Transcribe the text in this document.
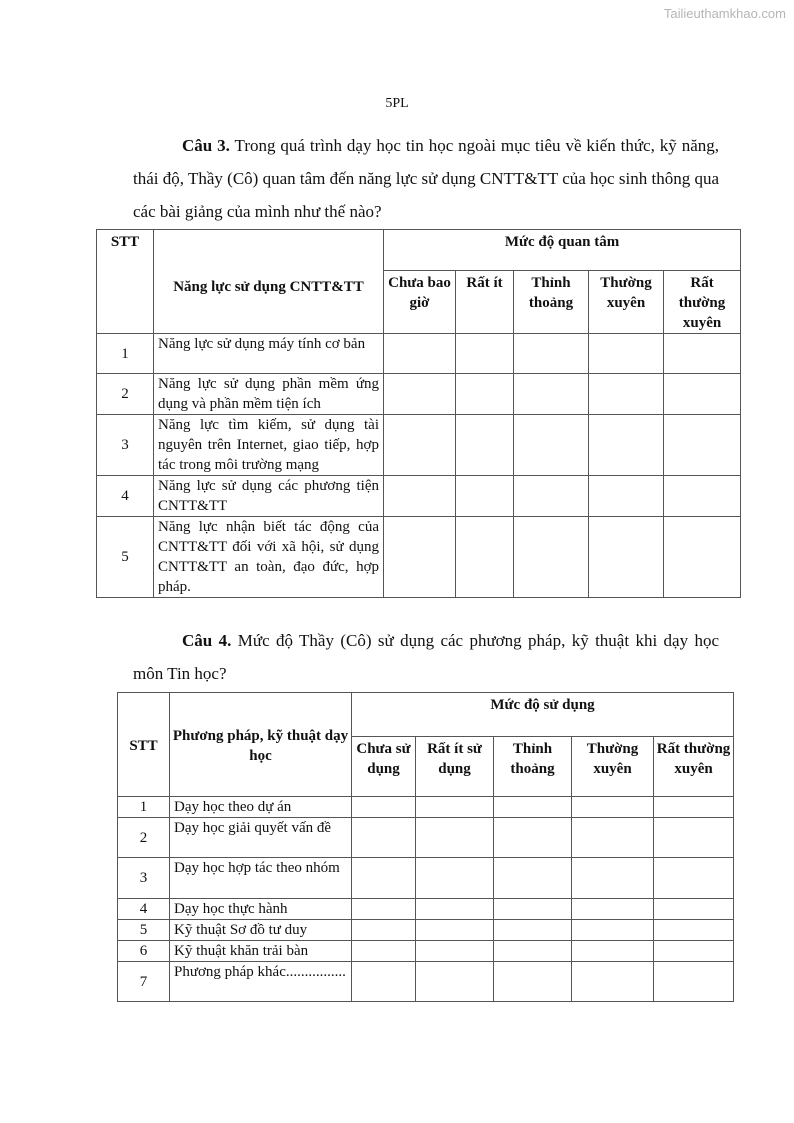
Tailieuthamkhao.com
5PL
Câu 3. Trong quá trình dạy học tin học ngoài mục tiêu về kiến thức, kỹ năng, thái độ, Thầy (Cô) quan tâm đến năng lực sử dụng CNTT&TT của học sinh thông qua các bài giảng của mình như thế nào?
STT	Năng lực sử dụng CNTT&TT	Mức độ quan tâm				
		Chưa bao giờ	Rất ít	Thỉnh thoảng	Thường xuyên	Rất thường xuyên
1	Năng lực sử dụng máy tính cơ bản					
2	Năng lực sử dụng phần mềm ứng dụng và phần mềm tiện ích					
3	Năng lực tìm kiếm, sử dụng tài nguyên trên Internet, giao tiếp, hợp tác trong môi trường mạng					
4	Năng lực sử dụng các phương tiện CNTT&TT					
5	Năng lực nhận biết tác động của CNTT&TT đối với xã hội, sử dụng CNTT&TT an toàn, đạo đức, hợp pháp.					
Câu 4. Mức độ Thầy (Cô) sử dụng các phương pháp, kỹ thuật khi dạy học môn Tin học?
STT	Phương pháp, kỹ thuật dạy học	Mức độ sử dụng				
		Chưa sử dụng	Rất ít sử dụng	Thỉnh thoảng	Thường xuyên	Rất thường xuyên
1	Dạy học theo dự án					
2	Dạy học giải quyết vấn đề					
3	Dạy học hợp tác theo nhóm					
4	Dạy học thực hành					
5	Kỹ thuật Sơ đồ tư duy					
6	Kỹ thuật khăn trải bàn					
7	Phương pháp khác................					
